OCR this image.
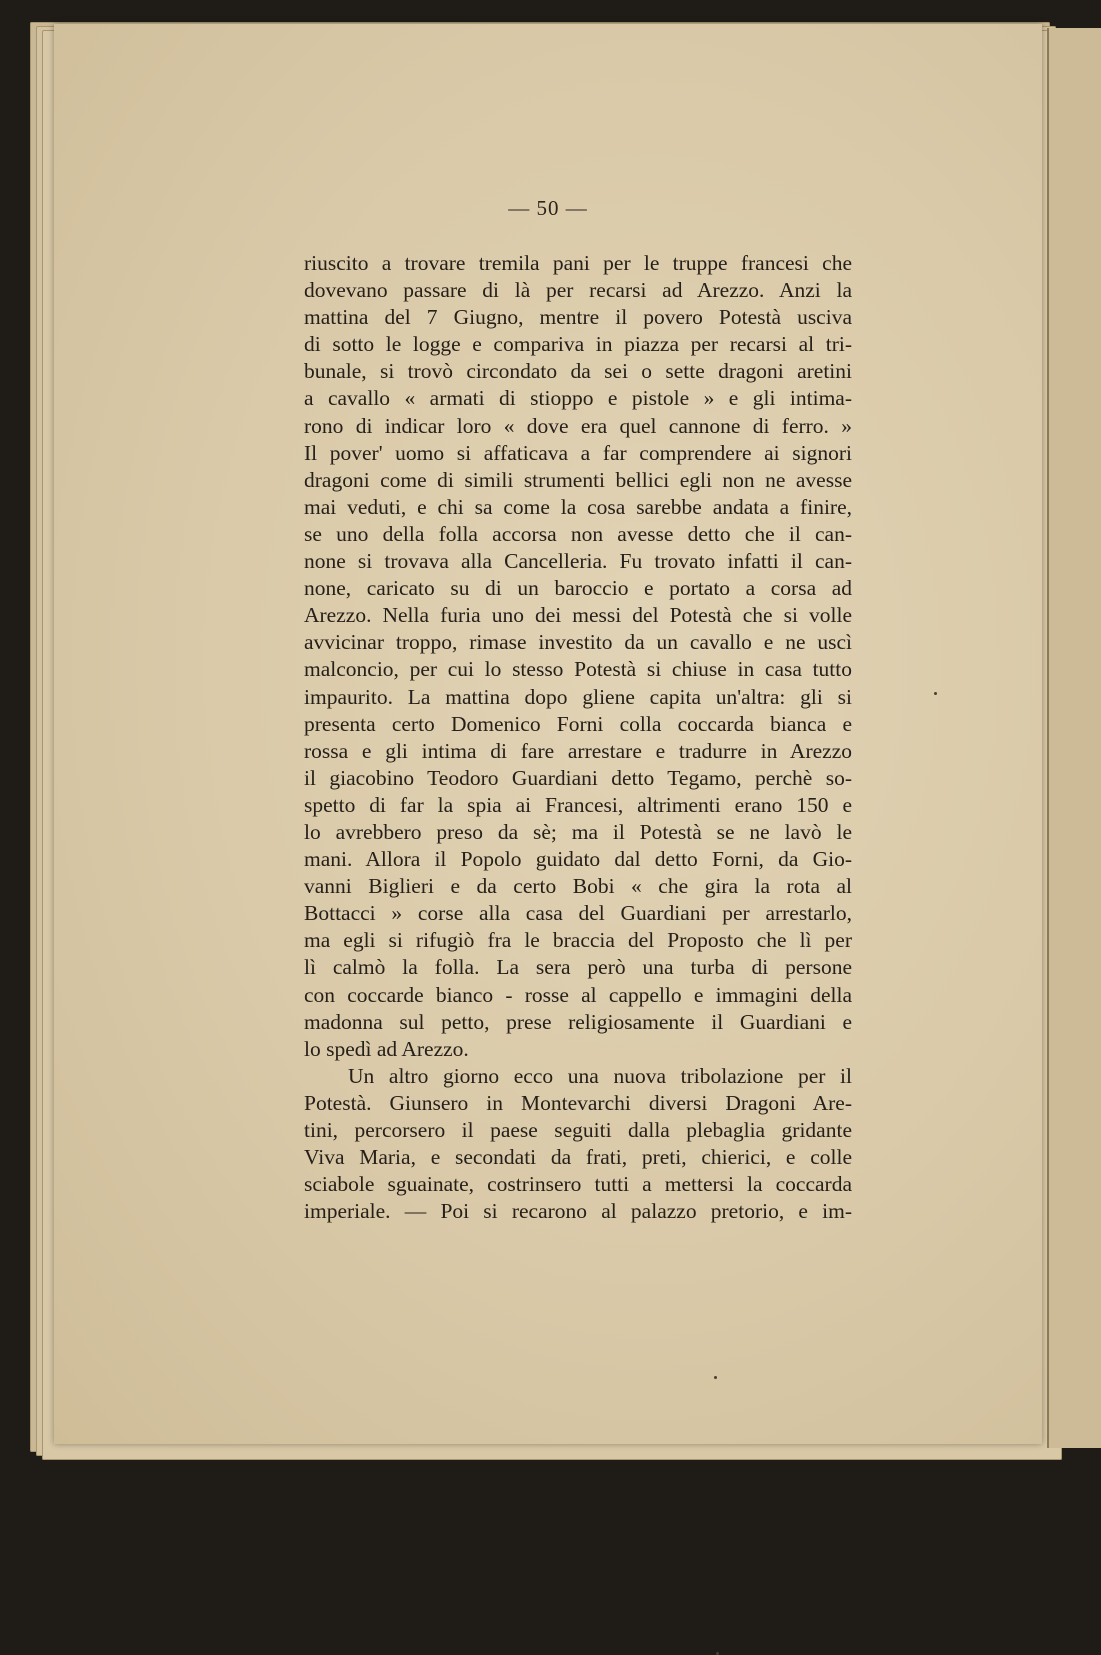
— 50 —
riuscito a trovare tremila pani per le truppe francesi che
dovevano passare di là per recarsi ad Arezzo. Anzi la
mattina del 7 Giugno, mentre il povero Potestà usciva
di sotto le logge e compariva in piazza per recarsi al tri-
bunale, si trovò circondato da sei o sette dragoni aretini
a cavallo « armati di stioppo e pistole » e gli intima-
rono di indicar loro « dove era quel cannone di ferro. »
Il pover' uomo si affaticava a far comprendere ai signori
dragoni come di simili strumenti bellici egli non ne avesse
mai veduti, e chi sa come la cosa sarebbe andata a finire,
se uno della folla accorsa non avesse detto che il can-
none si trovava alla Cancelleria. Fu trovato infatti il can-
none, caricato su di un baroccio e portato a corsa ad
Arezzo. Nella furia uno dei messi del Potestà che si volle
avvicinar troppo, rimase investito da un cavallo e ne uscì
malconcio, per cui lo stesso Potestà si chiuse in casa tutto
impaurito. La mattina dopo gliene capita un'altra: gli si
presenta certo Domenico Forni colla coccarda bianca e
rossa e gli intima di fare arrestare e tradurre in Arezzo
il giacobino Teodoro Guardiani detto Tegamo, perchè so-
spetto di far la spia ai Francesi, altrimenti erano 150 e
lo avrebbero preso da sè; ma il Potestà se ne lavò le
mani. Allora il Popolo guidato dal detto Forni, da Gio-
vanni Biglieri e da certo Bobi « che gira la rota al
Bottacci » corse alla casa del Guardiani per arrestarlo,
ma egli si rifugiò fra le braccia del Proposto che lì per
lì calmò la folla. La sera però una turba di persone
con coccarde bianco - rosse al cappello e immagini della
madonna sul petto, prese religiosamente il Guardiani e
lo spedì ad Arezzo.
Un altro giorno ecco una nuova tribolazione per il
Potestà. Giunsero in Montevarchi diversi Dragoni Are-
tini, percorsero il paese seguiti dalla plebaglia gridante
Viva Maria, e secondati da frati, preti, chierici, e colle
sciabole sguainate, costrinsero tutti a mettersi la coccarda
imperiale. — Poi si recarono al palazzo pretorio, e im-
